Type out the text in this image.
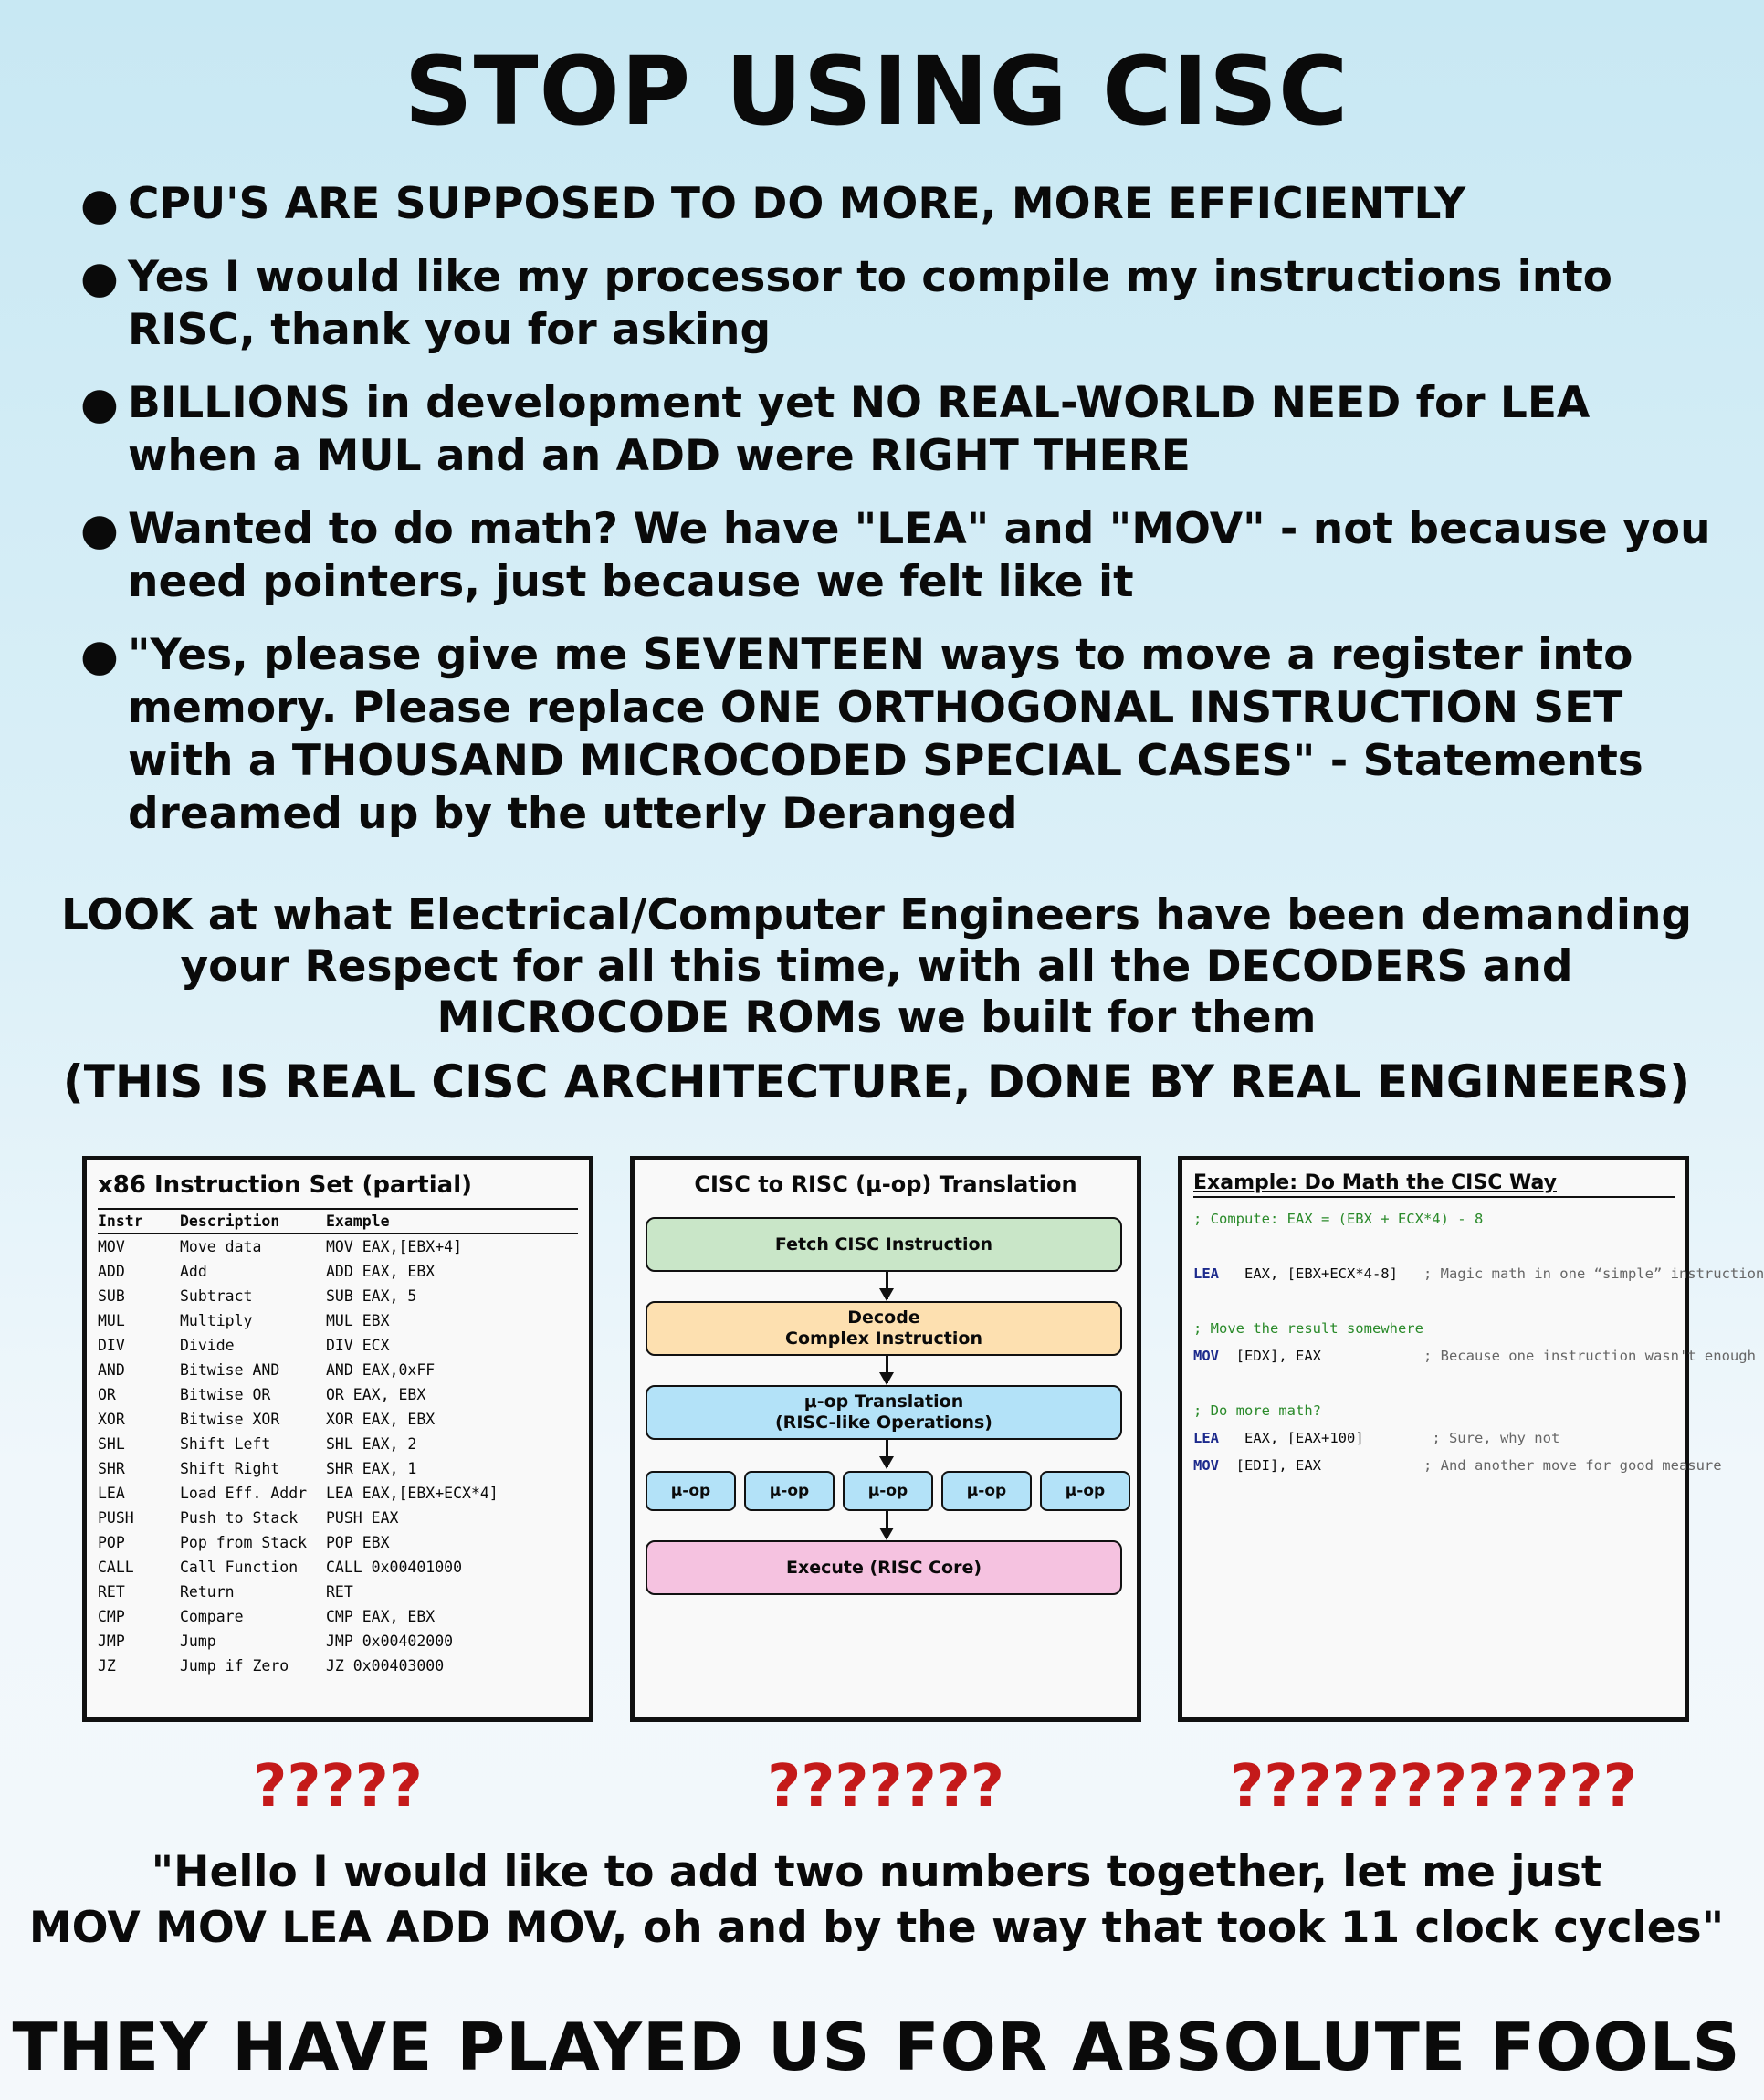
STOP USING CISC
● CPU'S ARE SUPPOSED TO DO MORE, MORE EFFICIENTLY
● Yes I would like my processor to compile my instructions into RISC, thank you for asking
● BILLIONS in development yet NO REAL-WORLD NEED for LEA when a MUL and an ADD were RIGHT THERE
● Wanted to do math? We have "LEA" and "MOV" - not because you need pointers, just because we felt like it
● "Yes, please give me SEVENTEEN ways to move a register into memory. Please replace ONE ORTHOGONAL INSTRUCTION SET with a THOUSAND MICROCODED SPECIAL CASES" - Statements dreamed up by the utterly Deranged
LOOK at what Electrical/Computer Engineers have been demanding your Respect for all this time, with all the DECODERS and MICROCODE ROMs we built for them
(THIS IS REAL CISC ARCHITECTURE, DONE BY REAL ENGINEERS)
x86 Instruction Set (partial)
Instr	Description	Example
MOV	Move data	MOV EAX,[EBX+4]
ADD	Add	ADD EAX, EBX
SUB	Subtract	SUB EAX, 5
MUL	Multiply	MUL EBX
DIV	Divide	DIV ECX
AND	Bitwise AND	AND EAX,0xFF
OR	Bitwise OR	OR EAX, EBX
XOR	Bitwise XOR	XOR EAX, EBX
SHL	Shift Left	SHL EAX, 2
SHR	Shift Right	SHR EAX, 1
LEA	Load Eff. Addr	LEA EAX,[EBX+ECX*4]
PUSH	Push to Stack	PUSH EAX
POP	Pop from Stack	POP EBX
CALL	Call Function	CALL 0x00401000
RET	Return	RET
CMP	Compare	CMP EAX, EBX
JMP	Jump	JMP 0x00402000
JZ	Jump if Zero	JZ 0x00403000
CISC to RISC (μ-op) Translation
Fetch CISC Instruction
Decode
Complex Instruction
μ-op Translation
(RISC-like Operations)
μ-op	μ-op	μ-op	μ-op	μ-op
Execute (RISC Core)
Example: Do Math the CISC Way
; Compute: EAX = (EBX + ECX*4) - 8
LEA EAX, [EBX+ECX*4-8] ; Magic math in one “simple” instruction
; Move the result somewhere
MOV [EDX], EAX	; Because one instruction wasn't enough
; Do more math?
LEA EAX, [EAX+100]	; Sure, why not
MOV [EDI], EAX	; And another move for good measure
?????	???????	????????????
"Hello I would like to add two numbers together, let me just
MOV MOV LEA ADD MOV, oh and by the way that took 11 clock cycles"
THEY HAVE PLAYED US FOR ABSOLUTE FOOLS
